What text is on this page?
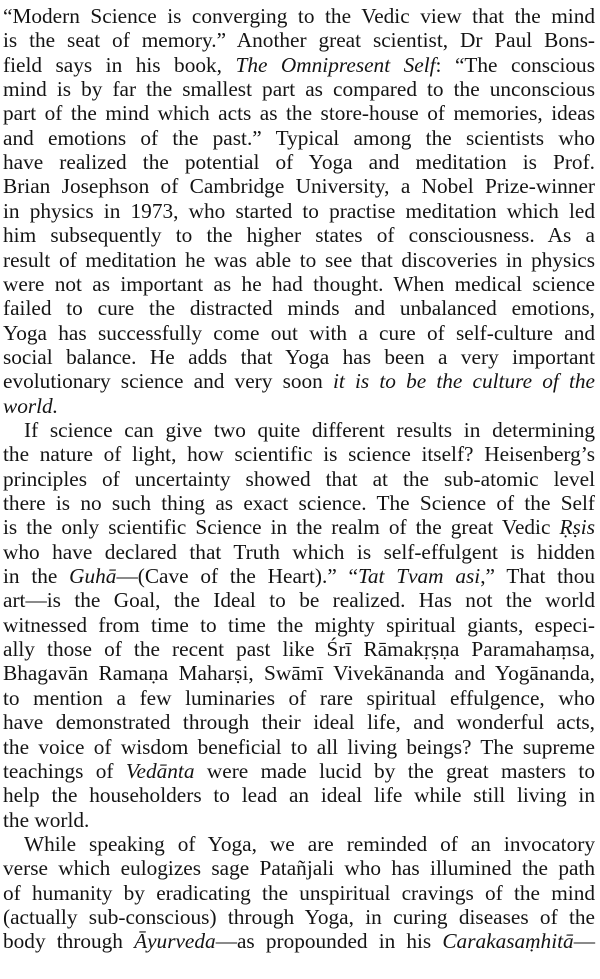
“Modern Science is converging to the Vedic view that the mind
is the seat of memory.” Another great scientist, Dr Paul Bons-
field says in his book, The Omnipresent Self: “The conscious
mind is by far the smallest part as compared to the unconscious
part of the mind which acts as the store-house of memories, ideas
and emotions of the past.” Typical among the scientists who
have realized the potential of Yoga and meditation is Prof.
Brian Josephson of Cambridge University, a Nobel Prize-winner
in physics in 1973, who started to practise meditation which led
him subsequently to the higher states of consciousness. As a
result of meditation he was able to see that discoveries in physics
were not as important as he had thought. When medical science
failed to cure the distracted minds and unbalanced emotions,
Yoga has successfully come out with a cure of self-culture and
social balance. He adds that Yoga has been a very important
evolutionary science and very soon it is to be the culture of the
world.
If science can give two quite different results in determining
the nature of light, how scientific is science itself? Heisenberg’s
principles of uncertainty showed that at the sub-atomic level
there is no such thing as exact science. The Science of the Self
is the only scientific Science in the realm of the great Vedic Ṛṣis
who have declared that Truth which is self-effulgent is hidden
in the Guhā—(Cave of the Heart).” “Tat Tvam asi,” That thou
art—is the Goal, the Ideal to be realized. Has not the world
witnessed from time to time the mighty spiritual giants, especi-
ally those of the recent past like Śrī Rāmakṛṣṇa Paramahaṃsa,
Bhagavān Ramaṇa Maharṣi, Swāmī Vivekānanda and Yogānanda,
to mention a few luminaries of rare spiritual effulgence, who
have demonstrated through their ideal life, and wonderful acts,
the voice of wisdom beneficial to all living beings? The supreme
teachings of Vedānta were made lucid by the great masters to
help the householders to lead an ideal life while still living in
the world.
While speaking of Yoga, we are reminded of an invocatory
verse which eulogizes sage Patañjali who has illumined the path
of humanity by eradicating the unspiritual cravings of the mind
(actually sub-conscious) through Yoga, in curing diseases of the
body through Āyurveda—as propounded in his Carakasaṃhitā—
